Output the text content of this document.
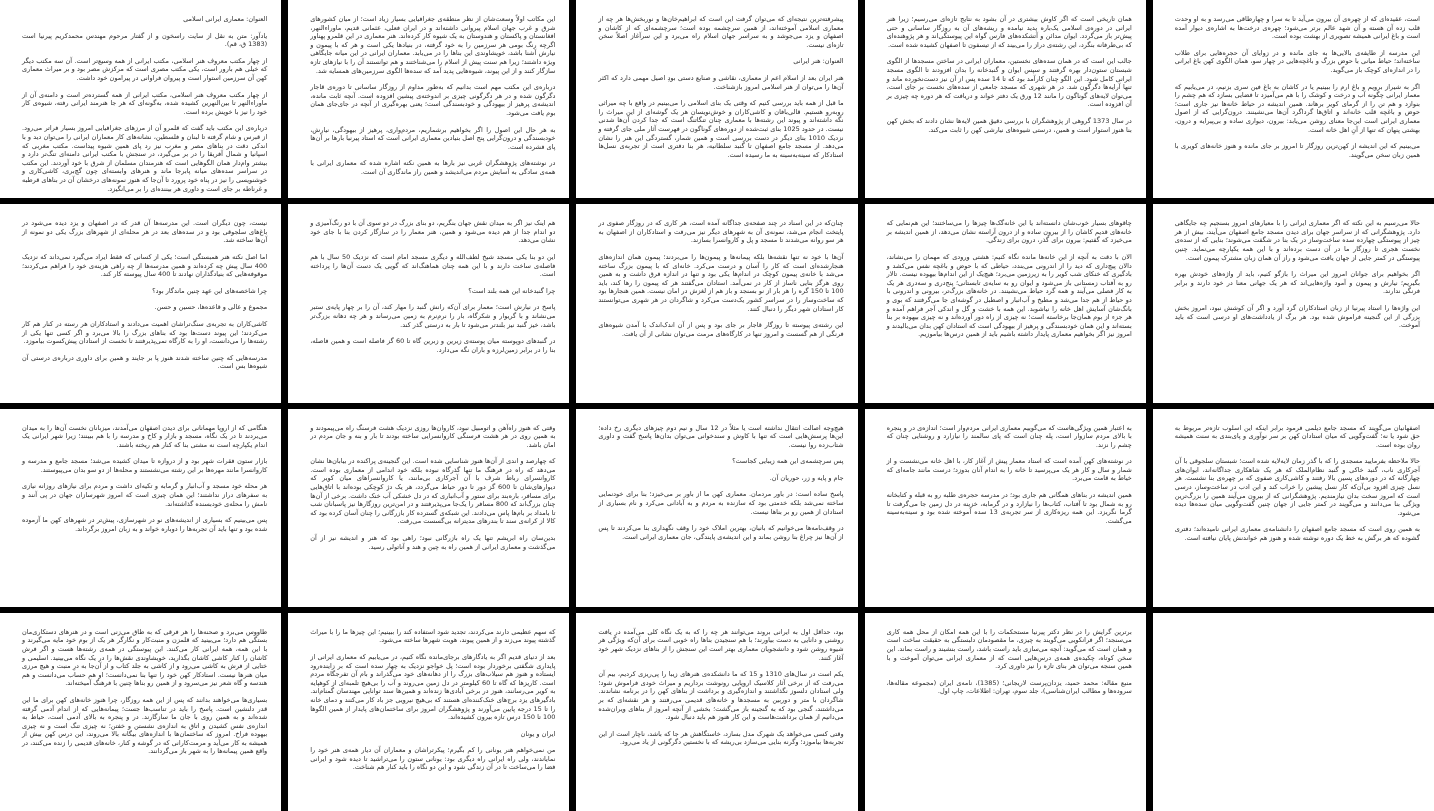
العنوان: معماری ایرانی اسلامی

یادآور: متن به نقل از سایت راسخون و از گفتار مرحوم مهندس محمدکریم پیرنیا است (1383 ق، قم).

از چهار مکتب معروف هنر اسلامی، مکتب ایرانی از همه وسیع‌تر است. آن سه مکتب دیگر که خیلی هم بارور است، یکی مکتب مصری است که مرکزش مصر بود و بر میراث معماری کهن آن سرزمین استوار است و پیروان فراوانی در پیرامون خود داشت.

از چهار مکتب معروف هنر اسلامی، مکتب ایرانی از همه گسترده‌تر است و دامنه‌ی آن از ماوراءالنهر تا بین‌النهرین کشیده شده، به‌گونه‌ای که هر جا هنرمند ایرانی رفته، شیوه‌ی کار خود را نیز با خویش برده است.

درباره‌ی این مکتب باید گفت که قلمرو آن از مرزهای جغرافیایی امروز بسیار فراتر می‌رود. از قبرس و شام گرفته تا لبنان و فلسطین، نشانه‌های کار معماران ایرانی را می‌توان دید و با اندکی دقت در بناهای مصر و مغرب نیز رد پای همین شیوه پیداست. مکتب مغربی که اسپانیا و شمال آفریقا را در بر می‌گیرد، در سنجش با مکتب ایرانی دامنه‌ای تنگ‌تر دارد و بیشتر وام‌دار همان الگوهایی است که هنرمندان مسلمان از شرق با خود آوردند. این مکتب در سراسر سده‌های میانه پابرجا ماند و هنرهای وابسته‌ای چون گچ‌بری، کاشی‌کاری و خوشنویسی را نیز در پناه خود پرورد تا آن‌جا که هنوز نمونه‌های درخشان آن در بناهای قرطبه و غرناطه بر جای است و داوری هر بیننده‌ای را بر می‌انگیزد.

این مکاتب اولاً وسعت‌شان از نظر منطقه‌ی جغرافیایی بسیار زیاد است؛ از میان کشورهای شرق و غرب جهان اسلام پیروانی داشته‌اند و در ایران فعلی، عثمانی قدیم، ماوراءالنهر، افغانستان و پاکستان و هندوستان به یک شیوه کار کرده‌اند. هنر معماری در این قلمرو پهناور اگرچه رنگ بومی هر سرزمین را به خود گرفته، در بنیادها یکی است و هر که با پیمون و نیارش آشنا باشد، خویشاوندی این بناها را در می‌یابد. معماران ایرانی در این میانه جایگاهی ویژه داشتند؛ زیرا هم سنت پیش از اسلام را می‌شناختند و هم توانستند آن را با نیازهای تازه سازگار کنند و از این پیوند، شیوه‌هایی پدید آمد که سده‌ها الگوی سرزمین‌های همسایه شد.

درباره‌ی این مکتب مهم است بدانیم که به‌طور مداوم از روزگار ساسانی تا دوره‌ی قاجار دگرگون شده و در هر دگرگونی چیزی بر اندوخته‌ی پیشین افزوده است. آنچه ثابت مانده، اندیشه‌ی پرهیز از بیهودگی و خودبسندگی است؛ یعنی بهره‌گیری از آنچه در جای‌جای همان بوم یافت می‌شود.

به هر حال این اصول را اگر بخواهیم برشماریم، مردم‌واری، پرهیز از بیهودگی، نیارش، خودبسندگی و درون‌گرایی پنج اصل بنیادین معماری ایرانی است که استاد پیرنیا بارها بر آن‌ها پای فشرده است.

در نوشته‌های پژوهشگران غربی نیز بارها به همین نکته اشاره شده که معماری ایرانی با همه‌ی سادگی به آسایش مردم می‌اندیشد و همین راز ماندگاری آن است.

پیشرفته‌ترین نتیجه‌ای که می‌توان گرفت این است که ابراهیم‌خان‌ها و نوربخش‌ها هر چه از معماری اسلامی آموخته‌اند، از همین سرچشمه بوده است؛ سرچشمه‌ای که از کاشان و اصفهان و یزد می‌جوشد و به سراسر جهان اسلام راه می‌برد و این سرآغاز اصلاً سخن تازه‌ای نیست.

العنوان: هنر ایرانی

هنر ایران بعد از اسلام اعم از معماری، نقاشی و صنایع دستی بودِ اصیل مهمی دارد که اکثر آن‌ها را می‌توان از هنر اسلامی امروز بازشناخت.

ما قبل از همه باید بررسی کنیم که وقتی یک بنای اسلامی را می‌بینیم در واقع با چه میراثی روبه‌رو هستیم. قالی‌بافان و کاشی‌کاران و خوش‌نویسان هر یک گوشه‌ای از این میراث را نگه داشته‌اند و پیوند این رشته‌ها با معماری چنان تنگاتنگ است که جدا کردن آن‌ها شدنی نیست. در حدود 1025 بنای ثبت‌شده از دوره‌های گوناگون در فهرست آثار ملی جای گرفته و نزدیک 1010 بنای دیگر در دست بررسی است و همین شمار، گستردگی این هنر را نشان می‌دهد. از مسجد جامع اصفهان تا گنبد سلطانیه، هر بنا دفتری است از تجربه‌ی نسل‌ها استادکار که سینه‌به‌سینه به ما رسیده است.

همان تاریخی است که اگر کاوش بیشتری در آن بشود به نتایج تازه‌ای می‌رسیم؛ زیرا هنر ایرانی در دوره‌ی اسلامی یک‌باره پدید نیامده و ریشه‌های آن به روزگار ساسانی و حتی پیش‌تر باز می‌گردد. ایوان مدائن و آتشکده‌های فارس گواه این پیوستگی‌اند و هر پژوهنده‌ای که بی‌طرفانه بنگرد، این رشته‌ی دراز را می‌بیند که از تیسفون تا اصفهان کشیده شده است.

جالب این است که در همان سده‌های نخستین، معماران ایرانی در ساختن مسجدها از الگوی شبستان ستون‌دار بهره گرفتند و سپس ایوان و گنبدخانه را بدان افزودند تا الگوی مسجد ایرانی کامل شود. این الگو چنان کارآمد بود که تا 14 سده پس از آن نیز دست‌نخورده ماند و تنها آرایه‌ها دگرگون شد. در هر شهری که مسجد جامعی از سده‌های نخست بر جای است، می‌توان لایه‌های گوناگون را مانند 12 ورق یک دفتر خواند و دریافت که هر دوره چه چیزی بر آن افزوده است.

در سال 1373 گروهی از پژوهشگران با بررسی دقیق همین لایه‌ها نشان دادند که بخش کهن بنا هنوز استوار است و همین، درستی شیوه‌های نیارشی کهن را ثابت می‌کند.

است، عقیده‌ای که از چهره‌ی آن بیرون می‌آید تا به سرا و چهارطاقی می‌رسد و به او وحدت قلب زده آن هسته و آن شهد عالم برتر می‌شود؛ چهره‌ی درخت‌ها به اشاره‌ی دیوار آمده است و باغ ایرانی همیشه تصویری از بهشت بوده است.

این مدرسه از طایفه‌ی بالایی‌ها به جای مانده و در زوایای آن حجره‌هایی برای طلاب ساخته‌اند؛ حیاط میانی با حوض بزرگ و باغچه‌هایی در چهار سو، همان الگوی کهن باغ ایرانی را در اندازه‌ای کوچک باز می‌گوید.

اگر به شیراز برویم و باغ ارم را ببینیم یا در کاشان به باغ فین سری بزنیم، در می‌یابیم که معمار ایرانی چگونه آب و درخت و کوشک را با هم می‌آمیزد تا فضایی بسازد که هم چشم را بنوازد و هم تن را از گرمای کویر برهاند. همین اندیشه در حیاط خانه‌ها نیز جاری است؛ حوض و باغچه قلب خانه‌اند و اتاق‌ها گرداگرد آن‌ها می‌نشینند. درون‌گرایی که از اصول معماری ایرانی است این‌جا معنای روشن می‌یابد: بیرون، دیواری ساده و بی‌پیرایه و درون، بهشتی پنهان که تنها از آنِ اهل خانه است.

می‌بینیم که این اندیشه از کهن‌ترین روزگار تا امروز بر جای مانده و هنوز خانه‌های کویری با همین زبان سخن می‌گویند.

نیست، چون دیگران است. این مدرسه‌ها آن قدر که در اصفهان و یزد دیده می‌شود در باغ‌های سلجوقی بود و در سده‌های بعد در هر محله‌ای از شهرهای بزرگ یکی دو نمونه از آن‌ها ساخته شد.

اما اصل نکته هنر همبستگی است؛ یکی از کسانی که فقط ایراد می‌گیرد نمی‌داند که نزدیک 400 سال پیش چه کرده‌اند و همین مدرسه‌ها از چه راهی هزینه‌ی خود را فراهم می‌کردند؛ موقوفه‌هایی که بنیادگذاران نهادند تا 400 سال پیوسته کار کند.

چرا شاخصه‌های این عهد چنین ماندگار بود؟

مجموع و عالی و قاعده‌ها، حسین و حسن.

کاشی‌کاران به تجربه‌ی سنگ‌تراشان اهمیت می‌دادند و استادکاران هر رسته در کنار هم کار می‌کردند؛ این پیوند دست‌ها بود که بناهای بزرگ را بالا می‌برد و اگر کسی تنها یکی از رشته‌ها را می‌دانست، او را به کارگاه نمی‌پذیرفتند تا نخست از استادان پیش‌کسوت بیاموزد.

مدرسه‌هایی که چنین ساخته شدند هنوز پا بر جایند و همین برای داوری درباره‌ی درستی آن شیوه‌ها بس است.

هم اینک نیز اگر به میدان نقش جهان بنگریم، دو بنای بزرگ در دو سوی آن با دو رنگ‌آمیزی و دو اندام جدا از هم دیده می‌شود و همین، هنر معمار را در سازگار کردن بنا با جای خود نشان می‌دهد.

این دو بنا یکی مسجد شیخ لطف‌الله و دیگری مسجد امام است که نزدیک 50 سال با هم فاصله‌ی ساخت دارند و با این همه چنان هماهنگ‌اند که گویی یک دست آن‌ها را پرداخته است.

چرا گنبدخانه این همه بلند است؟

پاسخ در نیارش است؛ معمار برای آن‌که رانش گنبد را مهار کند، آن را بر چهار پایه‌ی ستبر می‌نشاند و با گریوار و شکرگاه، بار را نرم‌نرم به زمین می‌رساند و هر چه دهانه بزرگ‌تر باشد، خیز گنبد نیز بلندتر می‌شود تا بار به درستی گذر کند.

در گنبدهای دوپوسته میان پوسته‌ی زیرین و زبرین گاه تا 60 گز فاصله است و همین فاصله، بنا را در برابر زمین‌لرزه و باران نگه می‌دارد.

چنان‌که در این اسناد در چند صفحه‌ی جداگانه آمده است، هر کاری که در روزگار صفوی در پایتخت انجام می‌شد، نمونه‌ی آن به شهرهای دیگر نیز می‌رفت و استادکاران از اصفهان به هر سو روانه می‌شدند تا مسجد و پل و کاروانسرا بسازند.

آن‌ها با خود نه تنها نقشه‌ها بلکه پیمانه‌ها و پیمون‌ها را می‌بردند؛ پیمون همان اندازه‌های هنجارشده‌ای است که کار را آسان و درست می‌کرد. خانه‌ای که با پیمون بزرگ ساخته می‌شد با خانه‌ی پیمون کوچک در اندام‌ها یکی بود و تنها در اندازه فرق داشت و به همین روی هرگز بنایی ناساز از کار در نمی‌آمد. استادان می‌گفتند هر که پیمون را رها کند، باید 100 تا 150 گره را هر بار از نو بسنجد و باز هم از لغزش در امان نیست. همین هنجارها بود که ساخت‌وساز را در سراسر کشور یک‌دست می‌کرد و شاگردان در هر شهری می‌توانستند کار استادان شهر دیگر را دنبال کنند.

این رشته‌ی پیوسته تا روزگار قاجار بر جای بود و پس از آن اندک‌اندک با آمدن شیوه‌های فرنگی از هم گسست و امروز تنها در کارگاه‌های مرمت می‌توان نشانی از آن یافت.

چاقوهای بسیار خوب‌شان دانسته‌اند یا این خانه‌گک‌ها چیزها را می‌ساختند؛ این هم‌نمایی که خانه‌های قدیم کاشان را از بیرون ساده و از درون آراسته نشان می‌دهد، از همین اندیشه بر می‌خیزد که گفتیم: بیرون برای گذر، درون برای زندگی.

الان با دقت به آنچه از این خانه‌ها مانده نگاه کنیم: هشتی ورودی که مهمان را می‌نشاند، دالان پیچ‌داری که دید را از اندرونی می‌بندد، حیاطی که با حوض و باغچه نفس می‌کشد و بادگیری که خنکای شب کویر را به زیرزمین می‌برد؛ هیچ‌یک از این اندام‌ها بیهوده نیست. تالار رو به آفتاب زمستانی باز می‌شود و ایوان رو به سایه‌ی تابستانی؛ پنج‌دری و سه‌دری هر یک به کار فصلی می‌آیند و همه گرد حیاط می‌نشینند. در خانه‌های بزرگ‌تر، بیرونی و اندرونی با دو حیاط از هم جدا می‌شد و مطبخ و آب‌انبار و اصطبل در گوشه‌ای جا می‌گرفتند که بوی و بانگ‌شان آسایش اهل خانه را نیاشوبد. این همه با خشت و گل و اندکی آجر فراهم آمده و هر جزء از بوم همان‌جا برخاسته است؛ نه چیزی از راه دور آورده‌اند و نه چیزی بیهوده بر بنا بسته‌اند و این همان خودبسندگی و پرهیز از بیهودگی است که استادان کهن بدان می‌بالیدند و امروز نیز اگر بخواهیم معماری پایدار داشته باشیم باید از همین درس‌ها بیاموزیم.

حالا می‌رسیم به این نکته که اگر معماری ایرانی را با معیارهای امروز بسنجیم چه جایگاهی دارد. پژوهشگرانی که از سراسر جهان برای دیدن مسجد جامع اصفهان می‌آیند، بیش از هر چیز از پیوستگی چهارده سده ساخت‌وساز در یک بنا در شگفت می‌شوند؛ بنایی که از سده‌ی نخست هجری تا روزگار ما در آن دست برده‌اند و با این همه یکپارچه می‌نماید. چنین پیوستگی در کمتر جایی از جهان یافت می‌شود و راز آن همان زبان مشترک پیمون است.

اگر بخواهیم برای جوانان امروز این میراث را بازگو کنیم، باید از واژه‌های خودش بهره بگیریم؛ نیارش و پیمون و آمود واژه‌هایی‌اند که هر یک جهانی معنا در خود دارند و برابر فرنگی ندارند.

این واژه‌ها را استاد پیرنیا از زبان استادکاران گرد آورد و اگر آن کوشش نبود، امروز بخش بزرگی از این گنجینه فراموش شده بود. هر برگ از یادداشت‌های او درسی است که باید آموخت.

هنگامی که از اروپا مهمانانی برای دیدن اصفهان می‌آمدند، میزبانان نخست آن‌ها را به میدان می‌بردند تا در یک نگاه، مسجد و بازار و کاخ و مدرسه را با هم ببینند؛ زیرا شهر ایرانی یک اندام یکپارچه است نه مشتی بنا که کنار هم ریخته باشند.

بازار ستون فقرات شهر بود و از دروازه تا میدان کشیده می‌شد؛ مسجد جامع و مدرسه و کاروانسرا مانند مهره‌ها بر این رشته می‌نشستند و محله‌ها از دو سو بدان می‌پیوستند.

هر محله خود مسجد و آب‌انبار و گرمابه و تکیه‌ای داشت و مردم برای نیازهای روزانه نیازی به سفرهای دراز نداشتند؛ این همان چیزی است که امروز شهرسازان جهان در پی آنند و نامش را محله‌ی خودبسنده گذاشته‌اند.

پس می‌بینیم که بسیاری از اندیشه‌های نو در شهرسازی، پیش‌تر در شهرهای کهن ما آزموده شده بود و تنها باید آن تجربه‌ها را دوباره خواند و به زبان امروز برگرداند.

وقتی که هنوز راه‌آهن و اتومبیل نبود، کاروان‌ها روزی نزدیک هشت فرسنگ راه می‌پیمودند و به همین روی در هر هشت فرسنگی کاروانسرایی ساخته بودند تا بار و بنه و جان مردم در امان باشد.

که چهارصد و اندی از آن‌ها هنوز شناسایی شده است. این گنجینه‌ی پراکنده در بیابان‌ها نشان می‌دهد که راه در فرهنگ ما تنها گذرگاه نبوده بلکه خود اندامی از معماری بوده است. کاروانسرای رباط شرف با آن آجرکاری بی‌مانند، یا کاروانسراهای میان کویر که دیوارهای‌شان تا 600 گز دور تا دور حیاط می‌گردد، هر یک دژ کوچکی بوده‌اند با اتاق‌هایی برای مسافر، باره‌بند برای ستور و آب‌انباری که در دل خشکی آب خنک داشت. برخی از آن‌ها چنان بزرگ‌اند که 800 مسافر را یک‌جا می‌پذیرفتند و در امن‌ترین روزگارها نیز پاسبانان شب تا بامداد بر بام‌ها پاس می‌دادند. این شبکه‌ی گسترده کار بازرگانی را چنان آسان کرده بود که کالا از کرانه‌ی سند تا بندرهای مدیترانه بی‌گسست می‌رفت.

بدین‌سان راه ابریشم تنها یک راه بازرگانی نبود؛ راهی بود که هنر و اندیشه نیز از آن می‌گذشت و معماری ایرانی از همین راه به چین و هند و آناتولی رسید.

هیچ‌وجه اصالت انتقال نداشته است یا مثلاً در 12 سال و نیم دوم چیزهای دیگری رخ داده؛ این‌ها پرسش‌هایی است که تنها با کاوش و سندخوانی می‌توان بدان‌ها پاسخ گفت و داوری شتاب‌زده روا نیست.

پس سرچشمه‌ی این همه زیبایی کجاست؟

جام و پایه و زر، حوریان آن.

پاسخ ساده است: در باور مردمان. معماری کهن ما از باور بر می‌خیزد؛ بنا برای خودنمایی ساخته نمی‌شد بلکه خدمتی بود که سازنده به مردم و به آبادانی می‌کرد و نام بسیاری از استادان از همین رو بر بناها نیست.

در وقف‌نامه‌ها می‌خوانیم که بانیان، بهترین املاک خود را وقف نگهداری بنا می‌کردند تا پس از آن‌ها نیز چراغ بنا روشن بماند و این اندیشه‌ی پایندگی، جان معماری ایرانی است.

به اعتبار همین ویژگی‌هاست که می‌گوییم معماری ایرانی مردم‌وار است؛ اندازه‌ی در و پنجره با بالای مردم سازوار است، پله چنان است که پای سالمند را نیازارد و روشنایی چنان که چشم را نزند.

در نوشته‌های کهن آمده است که استاد معمار پیش از آغاز کار، با اهل خانه می‌نشست و از شمار و سال و کار هر یک می‌پرسید تا خانه را به اندام آنان بدوزد؛ درست مانند جامه‌ای که خیاط به قامت می‌برد.

همین اندیشه در بناهای همگانی هم جاری بود؛ در مدرسه حجره‌ی طلبه رو به قبله و کتابخانه رو به شمال بود تا آفتاب، کتاب‌ها را نیازارد و در گرمابه، خزینه در دل زمین جا می‌گرفت تا گرما نگریزد. این همه ریزه‌کاری از سر تجربه‌ی 13 سده آموخته شده بود و سینه‌به‌سینه می‌گشت.

اصفهانیان می‌گویند که مسجد جامع دیلمی فرمود برابر اینکه این اسلوب تازه‌تر مربوط به حق شود یا نه؛ گفت‌وگویی که میان استادان کهن بر سر نوآوری و پای‌بندی به سنت همیشه روان بوده است.

حالا ملاحظه بفرمایید مسجدی را که با گذر زمان لایه‌لایه شده است؛ شبستان سلجوقی با آن آجرکاری ناب، گنبد خاکی و گنبد نظام‌الملک که هر یک شاهکاری جداگانه‌اند، ایوان‌های چهارگانه که در دوره‌های پسین بالا رفتند و کاشی‌کاری صفوی که بر چهره‌ی بنا نشست. هر نسل چیزی افزود بی‌آن‌که کار نسل پیشین را خراب کند و این ادب در ساخت‌وساز، درسی است که امروز سخت بدان نیازمندیم. پژوهشگرانی که از بیرون می‌آیند همین را بزرگ‌ترین ویژگی بنا می‌دانند و می‌گویند در کمتر جایی از جهان چنین گفت‌وگویی میان سده‌ها دیده می‌شود.

به همین روی است که مسجد جامع اصفهان را دانشنامه‌ی معماری ایرانی نامیده‌اند؛ دفتری گشوده که هر برگش به خط یک دوره نوشته شده و هنوز هم خواندنش پایان نیافته است.

طاووس می‌برد و صحنه‌ها را هر فرقی که به طاق می‌زنی است و در هنرهای دستکاری‌مان بستگی هم دارد؛ می‌بینید که قلمزن و منبت‌کار و نگارگر هر یک از بوم خود مایه می‌گیرند و با این همه، همه ایرانی کار می‌کنند. این پیوستگی در همه‌ی رشته‌ها هست و اگر فرش کاشان را کنار کاشی کاشان بگذارید، خویشاوندی نقش‌ها را در یک نگاه می‌بینید. اسلیمی و ختایی از فرش به کاشی می‌رود و از کاشی به جلد کتاب و از آن‌جا به درِ منبت و هیچ مرزی میان هنرها نیست. استادکار کهن خود را تنها بنا نمی‌دانست؛ او هم حساب می‌دانست و هم هندسه و گاه شعر نیز می‌سرود و از همین رو بناها چنین با فرهنگ آمیخته‌اند.

بسیاری‌ها می‌خواهند بدانند که پس از این همه روزگار، چرا هنوز خانه‌های کهن برای ما این قدر دلنشین است. پاسخ را باید در تناسب‌ها جست؛ پیمانه‌هایی که از اندام آدمی گرفته شده‌اند و به همین روی با جان ما سازگارند. در و پنجره به بالای آدمی است، حیاط به اندازه‌ی نفس کشیدن و اتاق به اندازه‌ی نشستن و خفتن؛ نه چیزی تنگ است و نه چیزی بیهوده فراخ. امروز که ساختمان‌ها با اندازه‌های بیگانه بالا می‌روند، این درس کهن بیش از همیشه به کار می‌آید و مرمت‌کارانی که در گوشه و کنار، خانه‌های قدیمی را زنده می‌کنند، در واقع همین پیمانه‌ها را به شهر باز می‌گردانند.

که سهم عظیمی دارند می‌کردند، تجدید شود استفاده کند را ببینیم؛ این چیزها ما را با میراث گذشته پیوند می‌زند و از همین پیوند، هویت شهرها ساخته می‌شود.

بعد از دنیای قدیم اگر به یادگارهای برجای‌مانده نگاه کنیم، در می‌یابیم که معماری ایرانی از پایداری شگفتی برخوردار بوده است؛ پل خواجو نزدیک به چهار سده است که بر زاینده‌رود ایستاده و هنوز هم سیلاب‌های بزرگ را از دهانه‌های خود می‌گذراند و بام آن تفرجگاه مردم است. کاریزها که گاه تا 60 کیلومتر در دل زمین می‌روند و آب را بی‌هیچ تلمبه‌ای از کوهپایه به کویر می‌رسانند، هنوز در برخی آبادی‌ها زنده‌اند و همین‌ها سند توانایی مهندسان گمنام‌اند. بادگیرهای یزد برج‌های خنک‌کننده‌ای هستند که بی‌هیچ نیرویی جز باد کار می‌کنند و دمای خانه را تا 15 درجه پایین می‌آورند و پژوهشگران امروز برای ساختمان‌های پایدار از همین الگوها 100 تا 150 درس تازه بیرون کشیده‌اند.

ایران و یونان

من نمی‌خواهم هنر یونانی را کم بگیرم؛ پیکرتراشان و معماران آن دیار همه‌ی هنر خود را نمایاندند، ولی راه ایرانی راه دیگری بود: یونانی ستون را می‌تراشید تا دیده شود و ایرانی فضا را می‌ساخت تا در آن زندگی شود و این دو نگاه را باید کنار هم شناخت.

بود، حداقل اول به ایرانی بروند می‌توانند هر چه را که به یک نگاه کلی می‌آمده در یافت روشنی و دانایی به دست بیاورند؛ با هم سنجیدن بناها راه خوبی است برای آن‌که ویژگی هر شیوه روشن شود و دانشجویان معماری بهتر است این سنجش را از بناهای نزدیک شهر خود آغاز کنند.

یکم است در سال‌های 1310 و 15 که ما دانشکده‌ی هنرهای زیبا را پی‌ریزی کردیم، بیم آن می‌رفت که از برخی آثار کلاسیک اروپایی رونوشت برداریم و میراث خودی فراموش شود؛ ولی استادان دلسوز نگذاشتند و اندازه‌گیری و برداشت از بناهای کهن را در برنامه نشاندند. شاگردان با متر و دوربین به مسجدها و خانه‌های قدیمی می‌رفتند و هر نقشه‌ای که بر می‌داشتند، گنجی بود که به گنجینه باز می‌گشت؛ بخشی از آنچه امروز از بناهای ویران‌شده می‌دانیم از همان برداشت‌هاست و این کار هنوز هم باید دنبال شود.

وقتی کسی می‌خواهد یک شهرک مدل بسازد، خاستگاهش هر جا که باشد، ناچار است از این تجربه‌ها بیاموزد؛ وگرنه بنایی می‌سازد بی‌ریشه که با نخستین دگرگونی از یاد می‌رود.

برترین گرایش را در نظر دکتر پیرنیا مستحکمات را با این همه امکان از محل همه کاری می‌سنجد؛ اگر فرانکویی می‌گویند به چیزی، ما مقصودمان دلبستگی به حقیقت ساخت است و همان است که می‌گوید: آنچه می‌سازی باید راست باشد، راست بنشیند و راست بماند. این سخن کوتاه، چکیده‌ی همه‌ی درس‌هایی است که از معماری ایرانی می‌توان آموخت و با همین سنجه می‌توان هر بنای تازه را نیز داوری کرد.

منبع مقاله: محمد حمید، یزدان‌پرست لاریجانی؛ (1385)، نامه‌ی ایران (مجموعه مقاله‌ها، سروده‌ها و مطالب ایران‌شناسی)، جلد سوم، تهران: اطلاعات، چاپ اول.
